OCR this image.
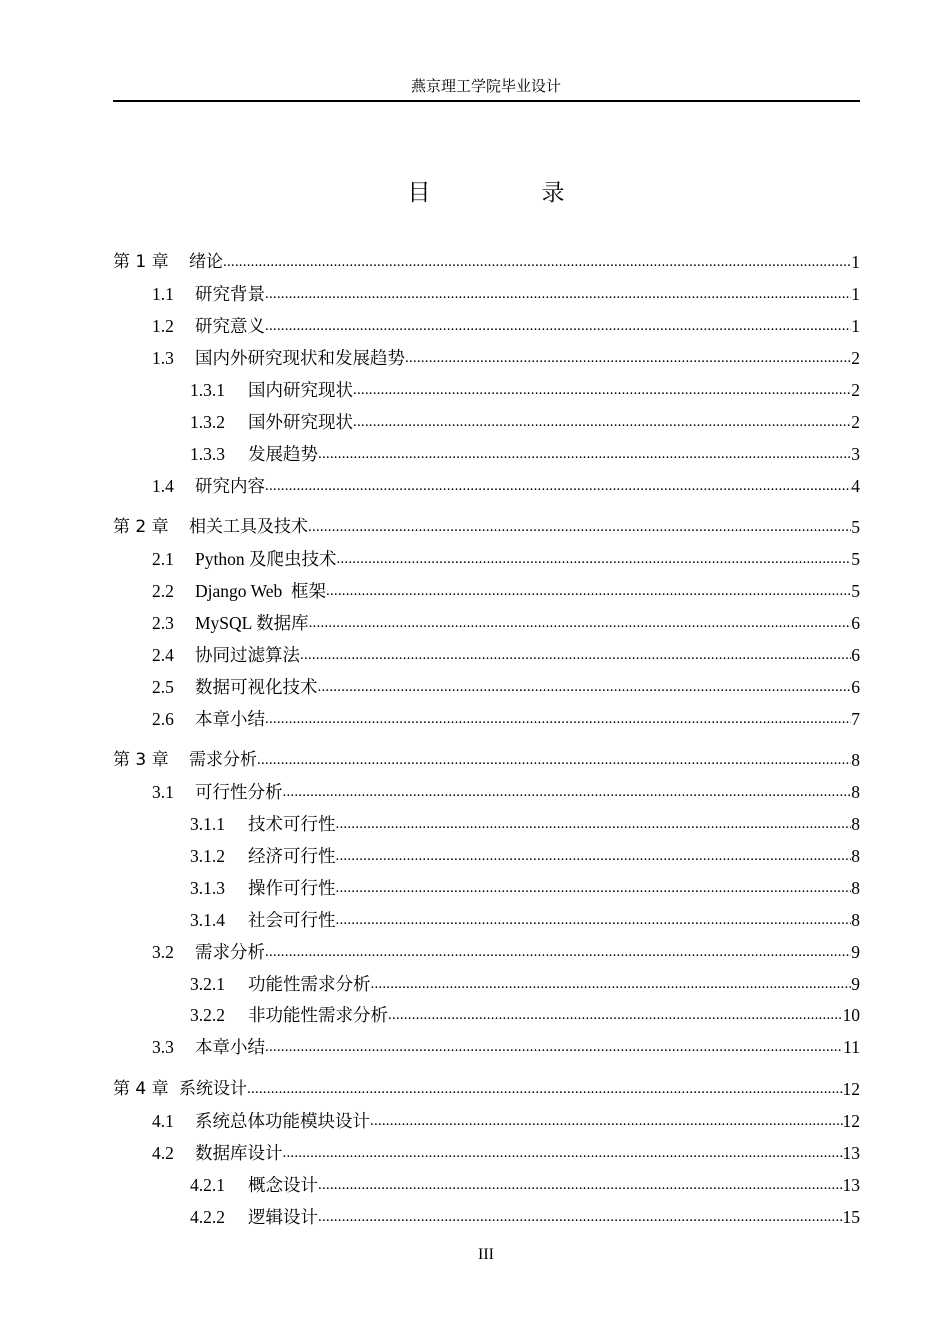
燕京理工学院毕业设计
目　录
第 1 章	绪论 .....	1
1.1	研究背景 .....	1
1.2	研究意义 .....	1
1.3	国内外研究现状和发展趋势 .....	2
1.3.1	国内研究现状 .....	2
1.3.2	国外研究现状 .....	2
1.3.3	发展趋势 .....	3
1.4	研究内容 .....	4
第 2 章	相关工具及技术 .....	5
2.1	Python 及爬虫技术 .....	5
2.2	Django Web  框架 .....	5
2.3	MySQL 数据库 .....	6
2.4	协同过滤算法 .....	6
2.5	数据可视化技术 .....	6
2.6	本章小结 .....	7
第 3 章	需求分析 .....	8
3.1	可行性分析 .....	8
3.1.1	技术可行性 .....	8
3.1.2	经济可行性 .....	8
3.1.3	操作可行性 .....	8
3.1.4	社会可行性 .....	8
3.2	需求分析 .....	9
3.2.1	功能性需求分析 .....	9
3.2.2	非功能性需求分析 .....	10
3.3	本章小结 .....	11
第 4 章 系统设计 .....	12
4.1	系统总体功能模块设计 .....	12
4.2	数据库设计 .....	13
4.2.1	概念设计 .....	13
4.2.2	逻辑设计 .....	15
III
